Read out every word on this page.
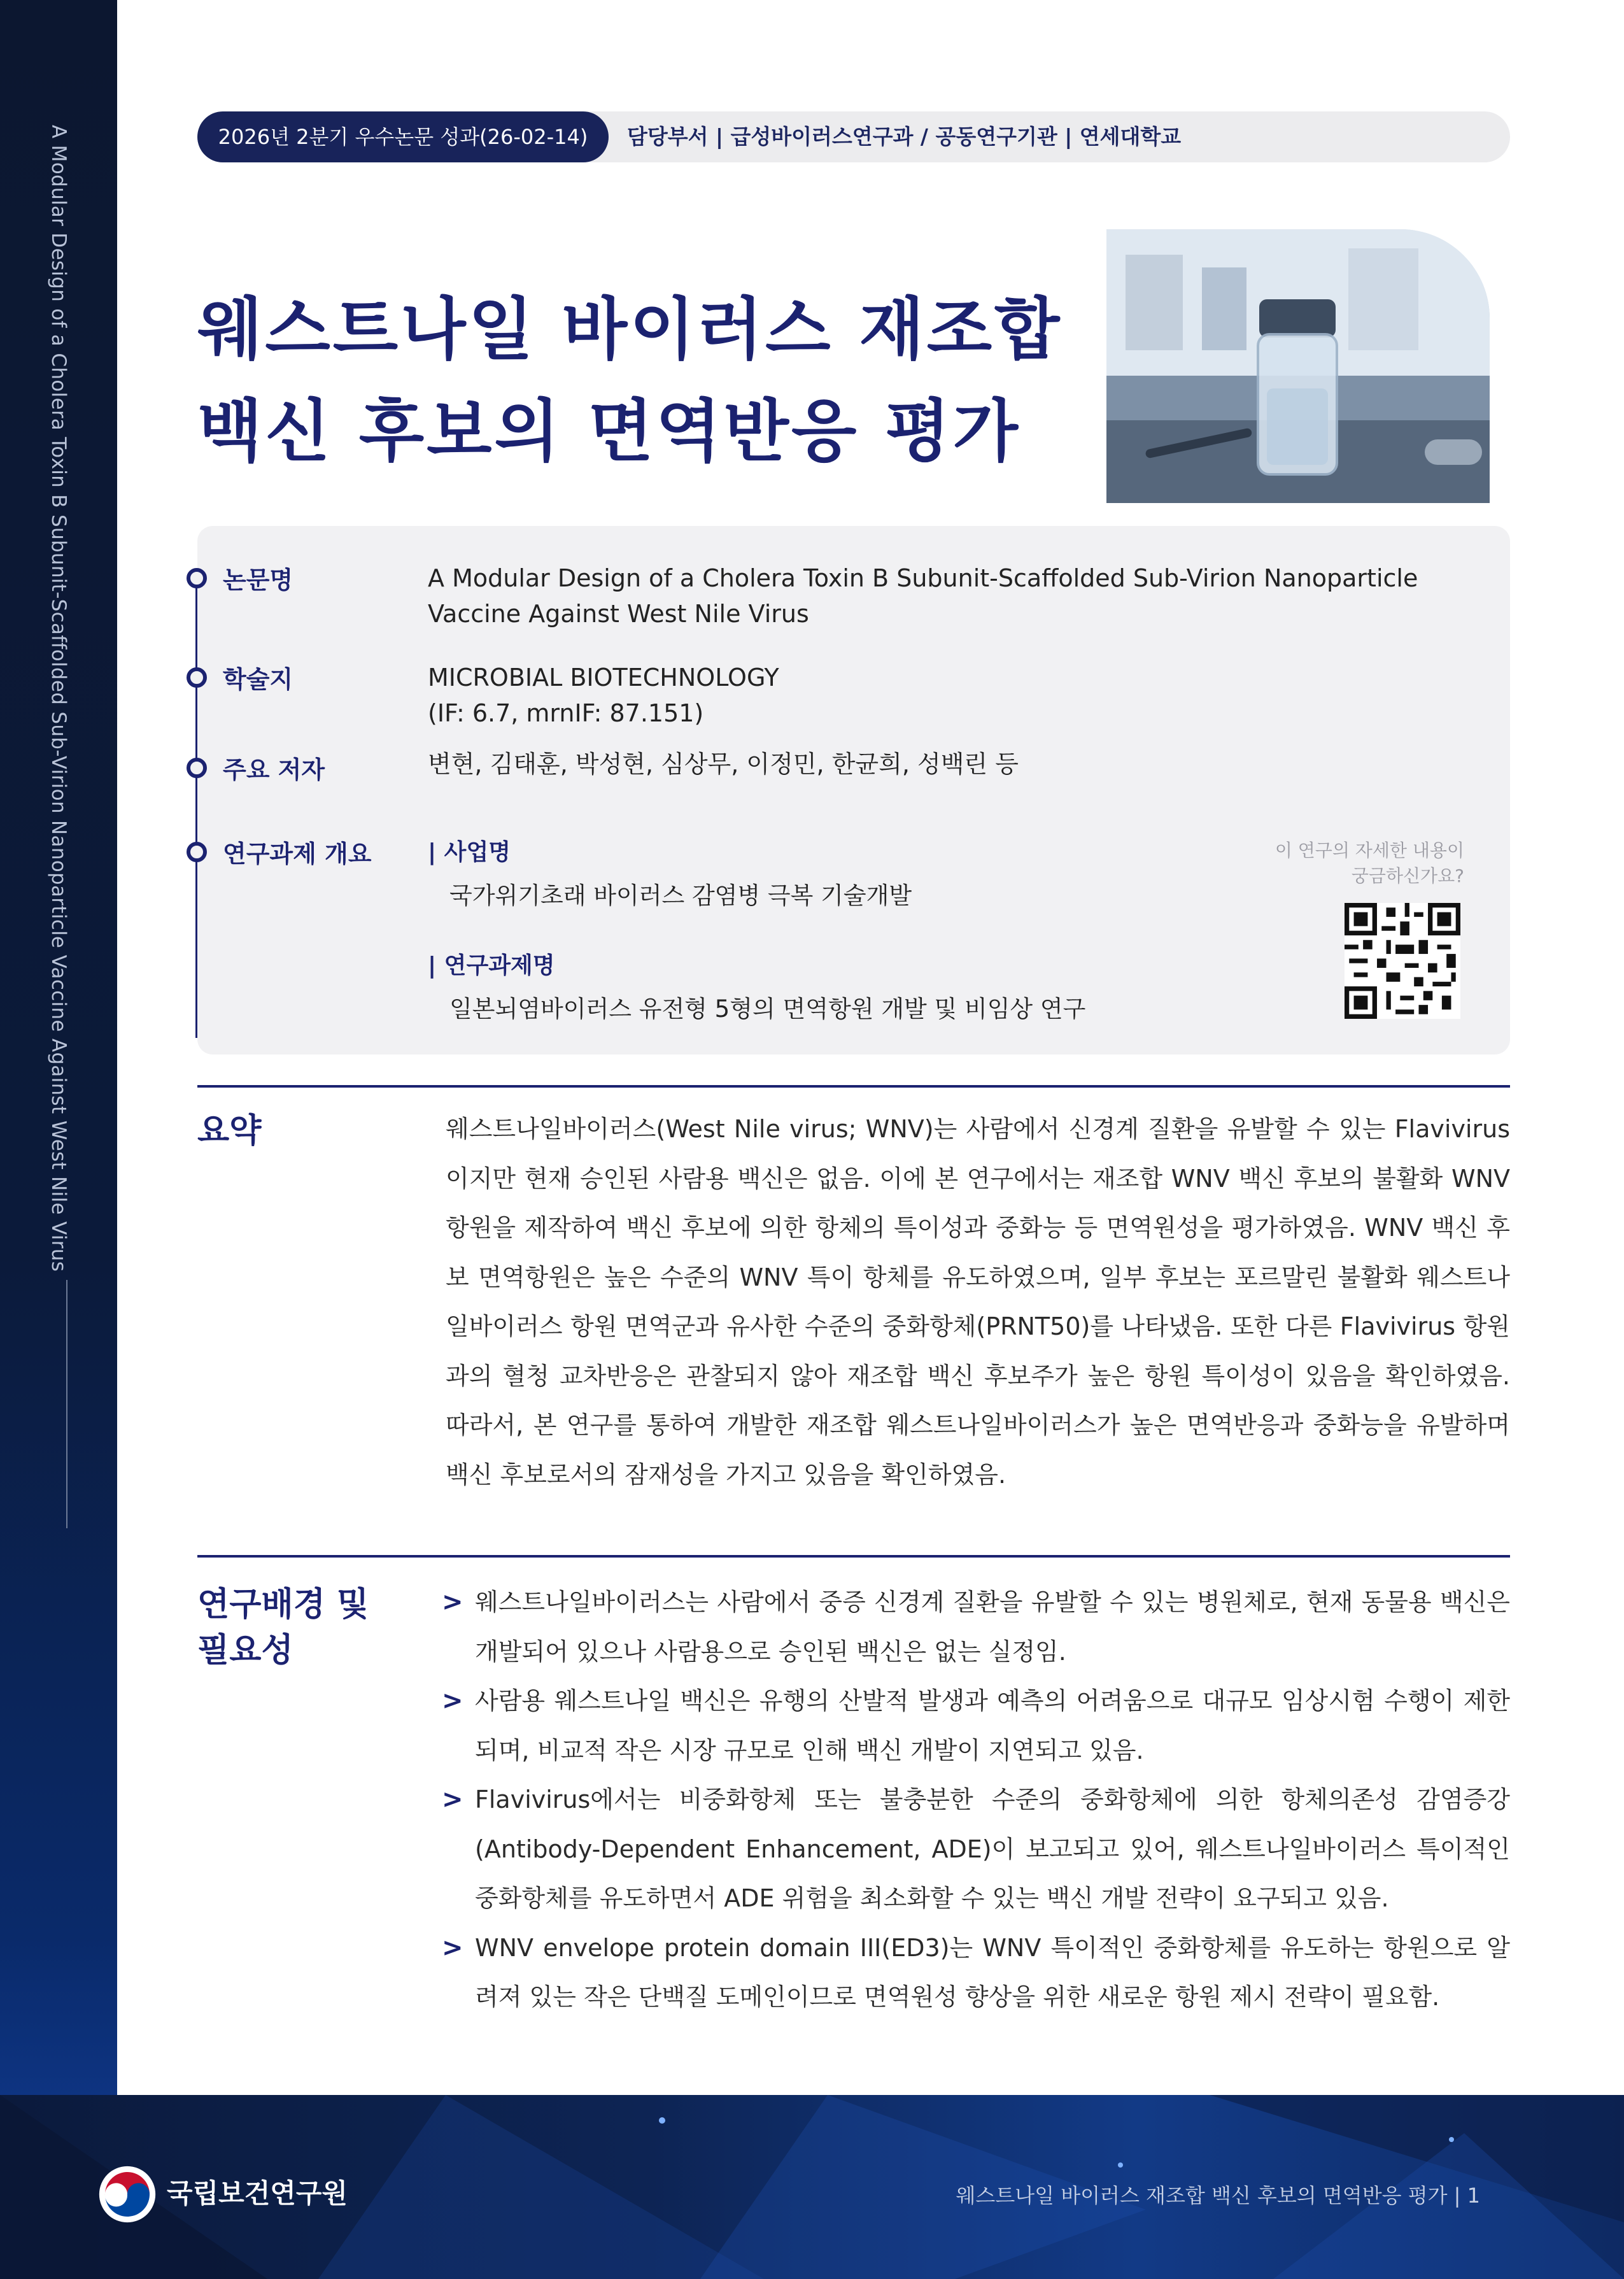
A Modular Design of a Cholera Toxin B Subunit-Scaffolded Sub-Virion Nanoparticle Vaccine Against West Nile Virus	2026년 2분기 우수논문 성과(26-02-14)	담당부서 | 급성바이러스연구과 / 공동연구기관 | 연세대학교
웨스트나일 바이러스 재조합
백신 후보의 면역반응 평가
논문명	A Modular Design of a Cholera Toxin B Subunit-Scaffolded Sub-Virion Nanoparticle Vaccine Against West Nile Virus
학술지	MICROBIAL BIOTECHNOLOGY
(IF: 6.7, mrnIF: 87.151)
주요 저자	변현, 김태훈, 박성현, 심상무, 이정민, 한균희, 성백린 등
연구과제 개요 | 사업명
국가위기초래 바이러스 감염병 극복 기술개발
| 연구과제명
일본뇌염바이러스 유전형 5형의 면역항원 개발 및 비임상 연구
이 연구의 자세한 내용이
궁금하신가요?
요약	웨스트나일바이러스(West Nile virus; WNV)는 사람에서 신경계 질환을 유발할 수 있는 Flavivirus이지만 현재 승인된 사람용 백신은 없음. 이에 본 연구에서는 재조합 WNV 백신 후보의 불활화 WNV 항원을 제작하여 백신 후보에 의한 항체의 특이성과 중화능 등 면역원성을 평가하였음. WNV 백신 후보 면역항원은 높은 수준의 WNV 특이 항체를 유도하였으며, 일부 후보는 포르말린 불활화 웨스트나일바이러스 항원 면역군과 유사한 수준의 중화항체(PRNT50)를 나타냈음. 또한 다른 Flavivirus 항원과의 혈청 교차반응은 관찰되지 않아 재조합 백신 후보주가 높은 항원 특이성이 있음을 확인하였음. 따라서, 본 연구를 통하여 개발한 재조합 웨스트나일바이러스가 높은 면역반응과 중화능을 유발하며 백신 후보로서의 잠재성을 가지고 있음을 확인하였음.
연구배경 및
필요성
> 웨스트나일바이러스는 사람에서 중증 신경계 질환을 유발할 수 있는 병원체로, 현재 동물용 백신은 개발되어 있으나 사람용으로 승인된 백신은 없는 실정임.
> 사람용 웨스트나일 백신은 유행의 산발적 발생과 예측의 어려움으로 대규모 임상시험 수행이 제한되며, 비교적 작은 시장 규모로 인해 백신 개발이 지연되고 있음.
> Flavivirus에서는 비중화항체 또는 불충분한 수준의 중화항체에 의한 항체의존성 감염증강(Antibody-Dependent Enhancement, ADE)이 보고되고 있어, 웨스트나일바이러스 특이적인 중화항체를 유도하면서 ADE 위험을 최소화할 수 있는 백신 개발 전략이 요구되고 있음.
> WNV envelope protein domain III(ED3)는 WNV 특이적인 중화항체를 유도하는 항원으로 알려져 있는 작은 단백질 도메인이므로 면역원성 향상을 위한 새로운 항원 제시 전략이 필요함.
국립보건연구원	웨스트나일 바이러스 재조합 백신 후보의 면역반응 평가 | 1
